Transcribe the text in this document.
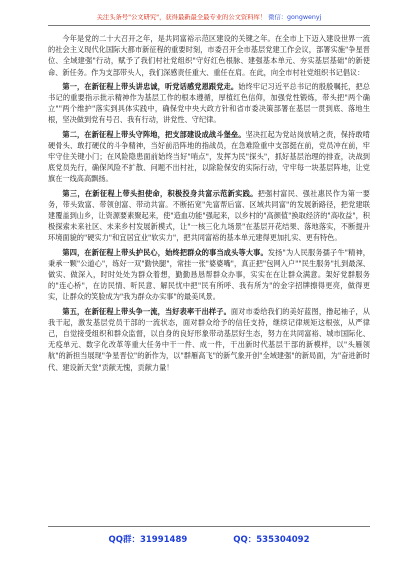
关注头条号"公文研究"，获得最新最全最专业的公文资料库！ 微信：gongwenyj

今年是党的二十大召开之年，是共同富裕示范区建设的关键之年。在全市上下迈入建设世界一流的社会主义现代化国际大都市新征程的重要时刻，市委召开全市基层党建工作会议，部署实施"争星晋位、全域建强"行动，赋予了我们村社党组织"守好红色根脉、建强基本单元、夯实基层基础"的新使命、新任务。作为支部带头人，我们深感责任重大、重任在肩。在此，向全市村社党组织书记倡议：

第一，在新征程上带头讲忠诚，听党话感党恩跟党走。始终牢记习近平总书记的殷殷嘱托，把总书记的重要指示批示精神作为基层工作的根本遵循，厚植红色信仰，加强党性锻炼，带头把"两个确立""两个维护"落实到具体实践中，确保党中央大政方针和省市委决策部署在基层一贯到底、落地生根，坚决做到党有号召、我有行动，讲党性、守纪律。

第二，在新征程上带头守阵地，把支部建设成战斗堡垒。坚决扛起为党站岗放哨之责，保持敢啃硬骨头、敢打硬仗的斗争精神，当好前沿阵地的指战员，在急难险重中支部挺在前，党员冲在前，牢牢守住关键小门；在风险隐患面前始终当好"哨点"，发挥为民"探头"，抓好基层治理的排查，决战到底党员先行，确保风险不扩散、问题不出村社，以除险保安的实际行动，守牢每一块基层阵地，让党旗在一线高高飘扬。

第三，在新征程上带头担使命，积极投身共富示范新实践。把强村富民、强社惠民作为第一要务，带头致富、带领创富、带动共富。不断拓宽"先富帮后富、区域共同富"的发展新路径，把党建联建覆盖到山乡，让资源要素聚起来，使"造血功能"强起来，以乡村的"高颜值"换取经济的"高收益"，积极探索未来社区、未来乡村发展新模式，让"一核三化九场景"在基层开花结果、落地落实，不断提升环境面貌的"硬实力"和宜居宜业"软实力"，把共同富裕的基本单元建得更加扎实、更有特色。

第四，在新征程上带头护民心，始终把群众的事当成头等大事。发扬"为人民服务孺子牛"精神，秉承一颗"公道心"，练好一双"勤快腿"，常挂一张"婆婆嘴"，真正把"包网入户""民生服务"扎到最深、做实、做深入，时时处处为群众着想，勤勤恳恳帮群众办事，实实在在让群众满意。架好党群服务的"连心桥"，在访民情、听民意、解民忧中把"民有所呼、我有所为"的金字招牌擦得更亮，做得更实，让群众的笑脸成为"我为群众办实事"的最美风景。

第五，在新征程上带头争一流，当好表率干出样子。面对市委给我们的美好蓝图，撸起袖子，从我干起，激发基层党员干部的一流状态，面对群众给予的信任支持，继续记律规矩这根弦，从严律己，自觉接受组织和群众监督，以自身的良好形象带动基层好生态，努力在共同富裕、城市国际化、无疫单元、数字化改革等重大任务中干一件、成一件，干出新时代基层干部的新模样，以"头雁领航"的新担当展现"争星晋位"的新作为，以"群雁高飞"的新气象开创"全域建强"的新局面，为"奋进新时代、建设新天堂"贡献无愧，贡献力量！

QQ群：31991489	QQ：535304092
